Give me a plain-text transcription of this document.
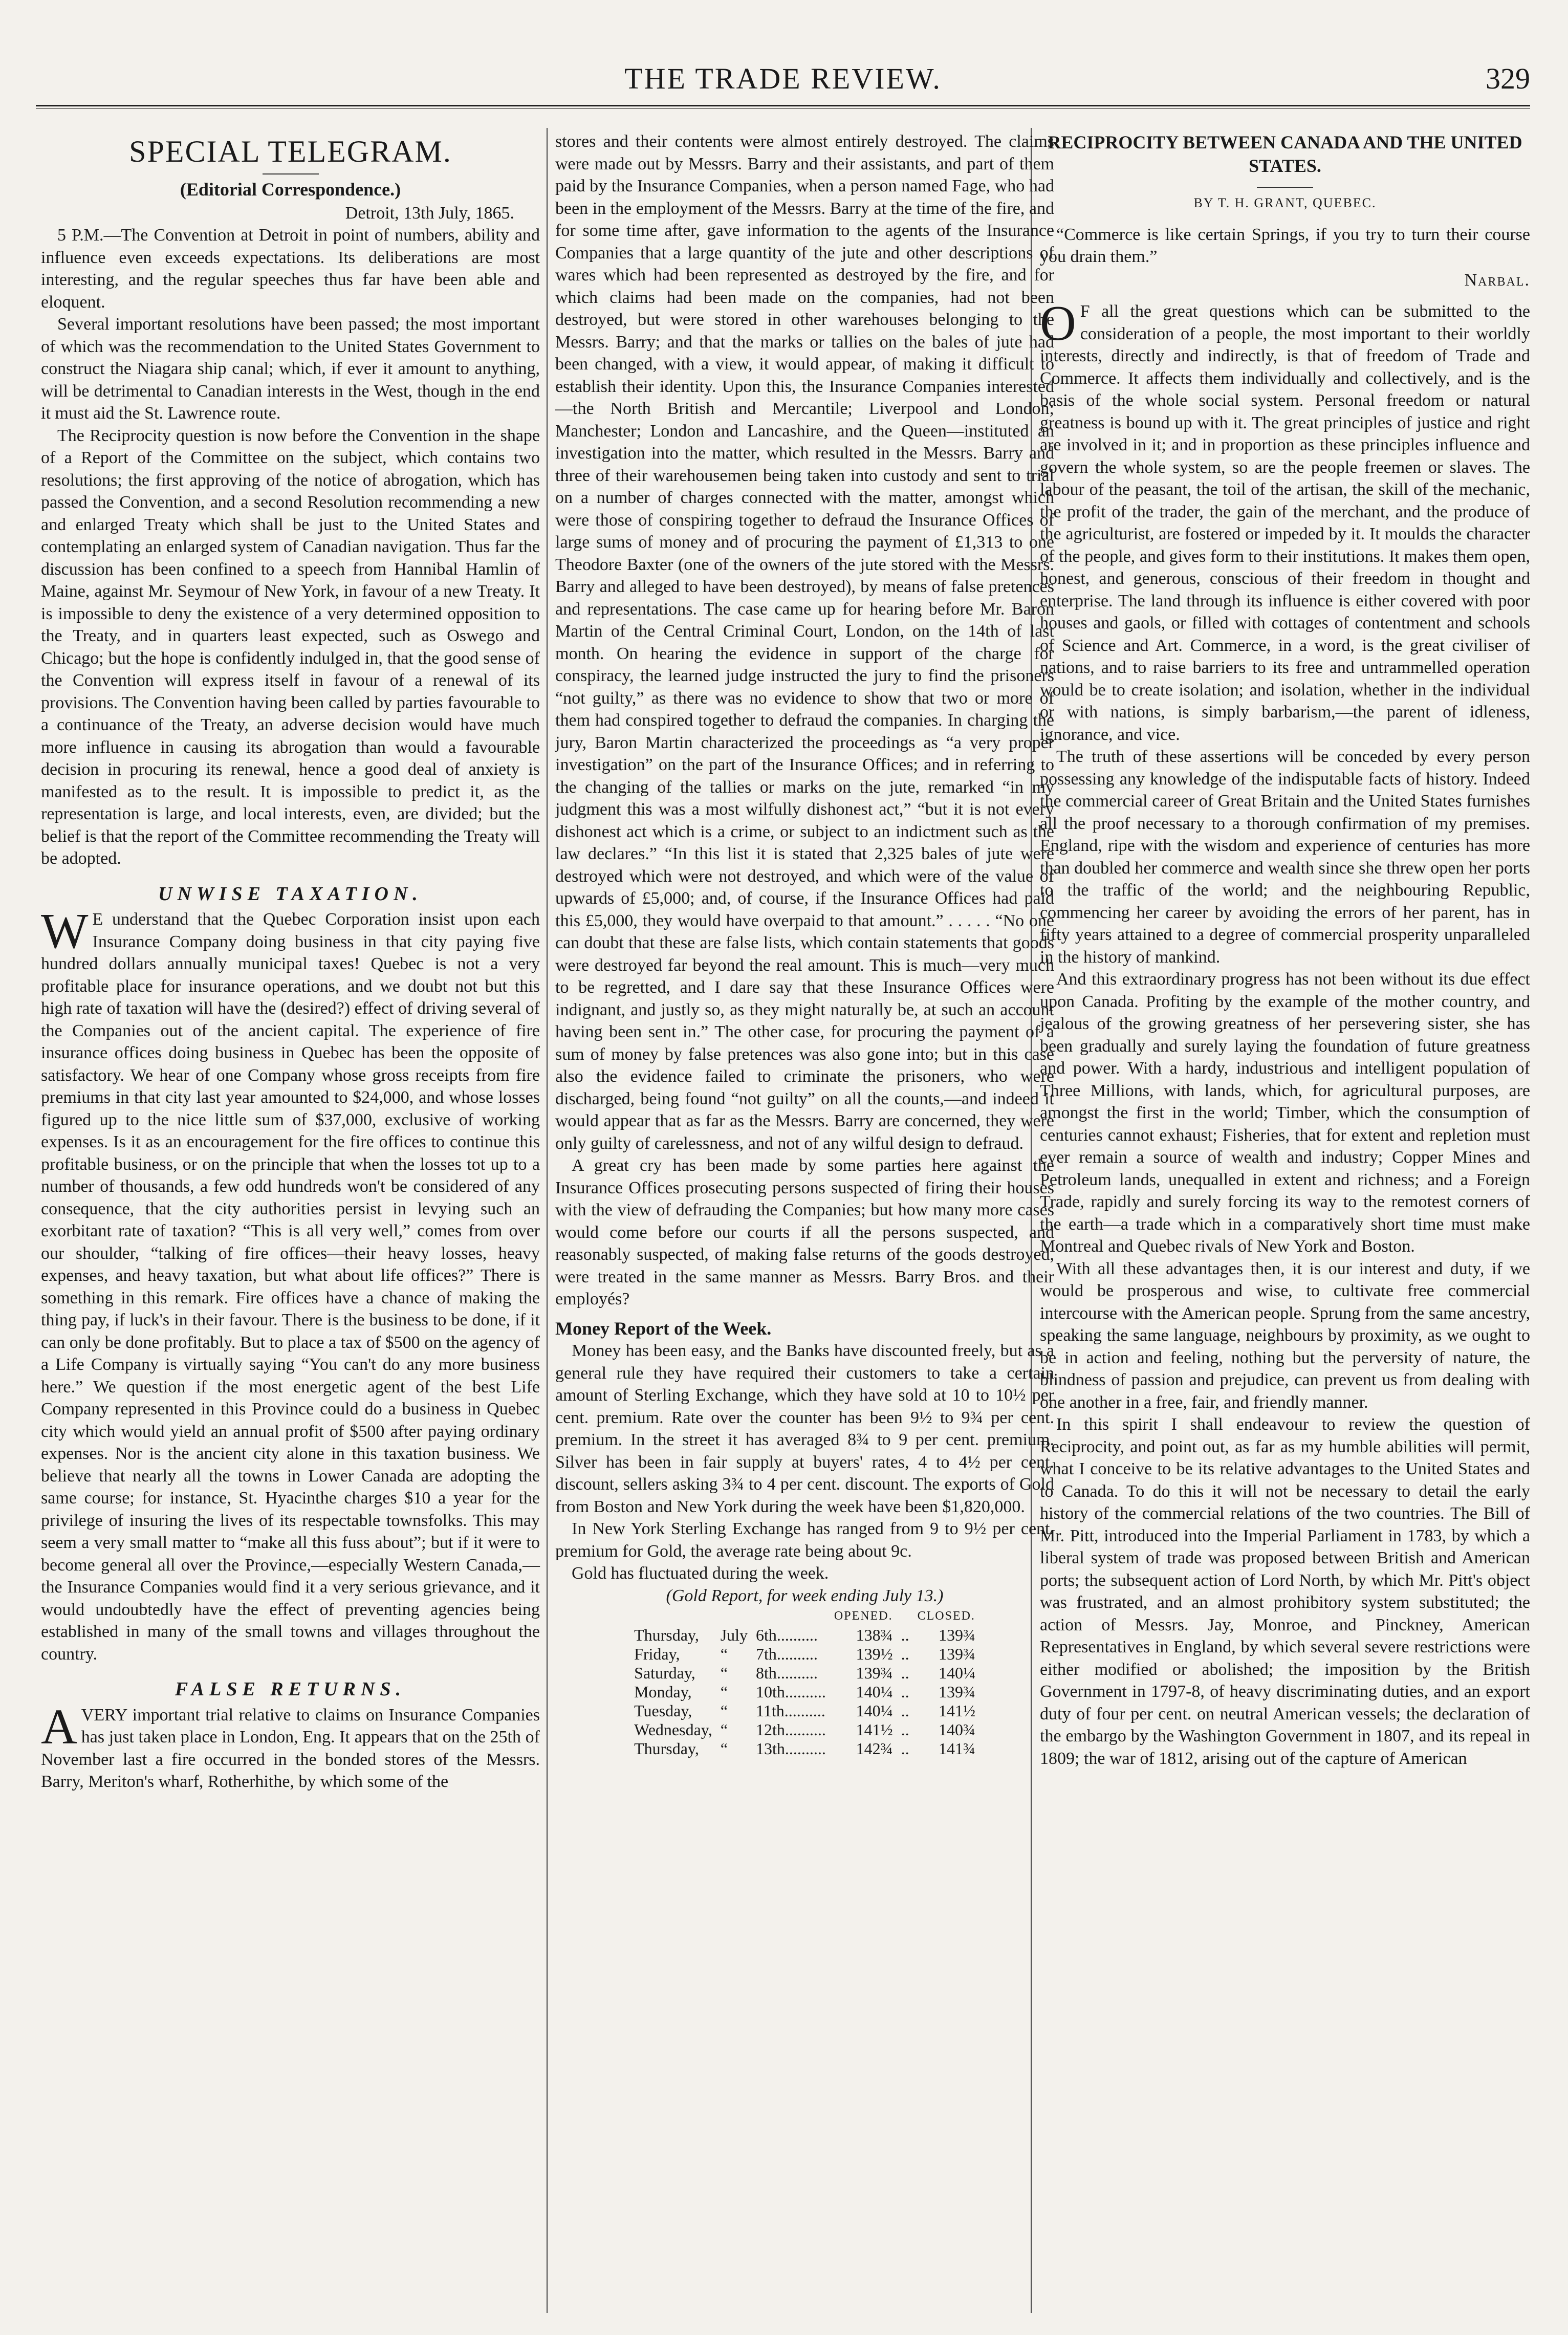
THE TRADE REVIEW.	329
SPECIAL TELEGRAM.
(Editorial Correspondence.)
Detroit, 13th July, 1865.

5 P.M.—The Convention at Detroit in point of numbers, ability and influence even exceeds expectations. Its deliberations are most interesting, and the regular speeches thus far have been able and eloquent.

Several important resolutions have been passed; the most important of which was the recommendation to the United States Government to construct the Niagara ship canal; which, if ever it amount to anything, will be detrimental to Canadian interests in the West, though in the end it must aid the St. Lawrence route.

The Reciprocity question is now before the Convention in the shape of a Report of the Committee on the subject, which contains two resolutions; the first approving of the notice of abrogation, which has passed the Convention, and a second Resolution recommending a new and enlarged Treaty which shall be just to the United States and contemplating an enlarged system of Canadian navigation. Thus far the discussion has been confined to a speech from Hannibal Hamlin of Maine, against Mr. Seymour of New York, in favour of a new Treaty. It is impossible to deny the existence of a very determined opposition to the Treaty, and in quarters least expected, such as Oswego and Chicago; but the hope is confidently indulged in, that the good sense of the Convention will express itself in favour of a renewal of its provisions. The Convention having been called by parties favourable to a continuance of the Treaty, an adverse decision would have much more influence in causing its abrogation than would a favourable decision in procuring its renewal, hence a good deal of anxiety is manifested as to the result. It is impossible to predict it, as the representation is large, and local interests, even, are divided; but the belief is that the report of the Committee recommending the Treaty will be adopted.

UNWISE TAXATION.

W E understand that the Quebec Corporation insist upon each Insurance Company doing business in that city paying five hundred dollars annually municipal taxes! Quebec is not a very profitable place for insurance operations, and we doubt not but this high rate of taxation will have the (desired?) effect of driving several of the Companies out of the ancient capital. The experience of fire insurance offices doing business in Quebec has been the opposite of satisfactory. We hear of one Company whose gross receipts from fire premiums in that city last year amounted to $24,000, and whose losses figured up to the nice little sum of $37,000, exclusive of working expenses. Is it as an encouragement for the fire offices to continue this profitable business, or on the principle that when the losses tot up to a number of thousands, a few odd hundreds won't be considered of any consequence, that the city authorities persist in levying such an exorbitant rate of taxation? “This is all very well,” comes from over our shoulder, “talking of fire offices—their heavy losses, heavy expenses, and heavy taxation, but what about life offices?” There is something in this remark. Fire offices have a chance of making the thing pay, if luck's in their favour. There is the business to be done, if it can only be done profitably. But to place a tax of $500 on the agency of a Life Company is virtually saying “You can't do any more business here.” We question if the most energetic agent of the best Life Company represented in this Province could do a business in Quebec city which would yield an annual profit of $500 after paying ordinary expenses. Nor is the ancient city alone in this taxation business. We believe that nearly all the towns in Lower Canada are adopting the same course; for instance, St. Hyacinthe charges $10 a year for the privilege of insuring the lives of its respectable townsfolks. This may seem a very small matter to “make all this fuss about”; but if it were to become general all over the Province,—especially Western Canada,—the Insurance Companies would find it a very serious grievance, and it would undoubtedly have the effect of preventing agencies being established in many of the small towns and villages throughout the country.

FALSE RETURNS.

A VERY important trial relative to claims on Insurance Companies has just taken place in London, Eng. It appears that on the 25th of November last a fire occurred in the bonded stores of the Messrs. Barry, Meriton's wharf, Rotherhithe, by which some of the

stores and their contents were almost entirely destroyed. The claims were made out by Messrs. Barry and their assistants, and part of them paid by the Insurance Companies, when a person named Fage, who had been in the employment of the Messrs. Barry at the time of the fire, and for some time after, gave information to the agents of the Insurance Companies that a large quantity of the jute and other descriptions of wares which had been represented as destroyed by the fire, and for which claims had been made on the companies, had not been destroyed, but were stored in other warehouses belonging to the Messrs. Barry; and that the marks or tallies on the bales of jute had been changed, with a view, it would appear, of making it difficult to establish their identity. Upon this, the Insurance Companies interested—the North British and Mercantile; Liverpool and London; Manchester; London and Lancashire, and the Queen—instituted an investigation into the matter, which resulted in the Messrs. Barry and three of their warehousemen being taken into custody and sent to trial on a number of charges connected with the matter, amongst which were those of conspiring together to defraud the Insurance Offices of large sums of money and of procuring the payment of £1,313 to one Theodore Baxter (one of the owners of the jute stored with the Messrs. Barry and alleged to have been destroyed), by means of false pretences and representations. The case came up for hearing before Mr. Baron Martin of the Central Criminal Court, London, on the 14th of last month. On hearing the evidence in support of the charge for conspiracy, the learned judge instructed the jury to find the prisoners “not guilty,” as there was no evidence to show that two or more of them had conspired together to defraud the companies. In charging the jury, Baron Martin characterized the proceedings as “a very proper investigation” on the part of the Insurance Offices; and in referring to the changing of the tallies or marks on the jute, remarked “in my judgment this was a most wilfully dishonest act,” “but it is not every dishonest act which is a crime, or subject to an indictment such as the law declares.” “In this list it is stated that 2,325 bales of jute were destroyed which were not destroyed, and which were of the value of upwards of £5,000; and, of course, if the Insurance Offices had paid this £5,000, they would have overpaid to that amount.” . . . . . “No one can doubt that these are false lists, which contain statements that goods were destroyed far beyond the real amount. This is much—very much to be regretted, and I dare say that these Insurance Offices were indignant, and justly so, as they might naturally be, at such an account having been sent in.” The other case, for procuring the payment of a sum of money by false pretences was also gone into; but in this case also the evidence failed to criminate the prisoners, who were discharged, being found “not guilty” on all the counts,—and indeed it would appear that as far as the Messrs. Barry are concerned, they were only guilty of carelessness, and not of any wilful design to defraud.

A great cry has been made by some parties here against the Insurance Offices prosecuting persons suspected of firing their houses with the view of defrauding the Companies; but how many more cases would come before our courts if all the persons suspected, and reasonably suspected, of making false returns of the goods destroyed, were treated in the same manner as Messrs. Barry Bros. and their employés?

Money Report of the Week.

Money has been easy, and the Banks have discounted freely, but as a general rule they have required their customers to take a certain amount of Sterling Exchange, which they have sold at 10 to 10½ per cent. premium. Rate over the counter has been 9½ to 9¾ per cent. premium. In the street it has averaged 8¾ to 9 per cent. premium. Silver has been in fair supply at buyers' rates, 4 to 4½ per cent. discount, sellers asking 3¾ to 4 per cent. discount. The exports of Gold from Boston and New York during the week have been $1,820,000.

In New York Sterling Exchange has ranged from 9 to 9½ per cent. premium for Gold, the average rate being about 9c.

Gold has fluctuated during the week.

(Gold Report, for week ending July 13.)
			OPENED.		CLOSED.
Thursday,	July	6th..........	138¾	..	139¾
Friday,	“	7th..........	139½	..	139¾
Saturday,	“	8th..........	139¾	..	140¼
Monday,	“	10th..........	140¼	..	139¾
Tuesday,	“	11th..........	140¼	..	141½
Wednesday,	“	12th..........	141½	..	140¾
Thursday,	“	13th..........	142¾	..	141¾
RECIPROCITY BETWEEN CANADA AND THE UNITED STATES.
BY T. H. GRANT, QUEBEC.

“Commerce is like certain Springs, if you try to turn their course you drain them.”

Narbal.

O F all the great questions which can be submitted to the consideration of a people, the most important to their worldly interests, directly and indirectly, is that of freedom of Trade and Commerce. It affects them individually and collectively, and is the basis of the whole social system. Personal freedom or natural greatness is bound up with it. The great principles of justice and right are involved in it; and in proportion as these principles influence and govern the whole system, so are the people freemen or slaves. The labour of the peasant, the toil of the artisan, the skill of the mechanic, the profit of the trader, the gain of the merchant, and the produce of the agriculturist, are fostered or impeded by it. It moulds the character of the people, and gives form to their institutions. It makes them open, honest, and generous, conscious of their freedom in thought and enterprise. The land through its influence is either covered with poor houses and gaols, or filled with cottages of contentment and schools of Science and Art. Commerce, in a word, is the great civiliser of nations, and to raise barriers to its free and untrammelled operation would be to create isolation; and isolation, whether in the individual or with nations, is simply barbarism,—the parent of idleness, ignorance, and vice.

The truth of these assertions will be conceded by every person possessing any knowledge of the indisputable facts of history. Indeed the commercial career of Great Britain and the United States furnishes all the proof necessary to a thorough confirmation of my premises. England, ripe with the wisdom and experience of centuries has more than doubled her commerce and wealth since she threw open her ports to the traffic of the world; and the neighbouring Republic, commencing her career by avoiding the errors of her parent, has in fifty years attained to a degree of commercial prosperity unparalleled in the history of mankind.

And this extraordinary progress has not been without its due effect upon Canada. Profiting by the example of the mother country, and jealous of the growing greatness of her persevering sister, she has been gradually and surely laying the foundation of future greatness and power. With a hardy, industrious and intelligent population of Three Millions, with lands, which, for agricultural purposes, are amongst the first in the world; Timber, which the consumption of centuries cannot exhaust; Fisheries, that for extent and repletion must ever remain a source of wealth and industry; Copper Mines and Petroleum lands, unequalled in extent and richness; and a Foreign Trade, rapidly and surely forcing its way to the remotest corners of the earth—a trade which in a comparatively short time must make Montreal and Quebec rivals of New York and Boston.

With all these advantages then, it is our interest and duty, if we would be prosperous and wise, to cultivate free commercial intercourse with the American people. Sprung from the same ancestry, speaking the same language, neighbours by proximity, as we ought to be in action and feeling, nothing but the perversity of nature, the blindness of passion and prejudice, can prevent us from dealing with one another in a free, fair, and friendly manner.

In this spirit I shall endeavour to review the question of Reciprocity, and point out, as far as my humble abilities will permit, what I conceive to be its relative advantages to the United States and to Canada. To do this it will not be necessary to detail the early history of the commercial relations of the two countries. The Bill of Mr. Pitt, introduced into the Imperial Parliament in 1783, by which a liberal system of trade was proposed between British and American ports; the subsequent action of Lord North, by which Mr. Pitt's object was frustrated, and an almost prohibitory system substituted; the action of Messrs. Jay, Monroe, and Pinckney, American Representatives in England, by which several severe restrictions were either modified or abolished; the imposition by the British Government in 1797-8, of heavy discriminating duties, and an export duty of four per cent. on neutral American vessels; the declaration of the embargo by the Washington Government in 1807, and its repeal in 1809; the war of 1812, arising out of the capture of American
